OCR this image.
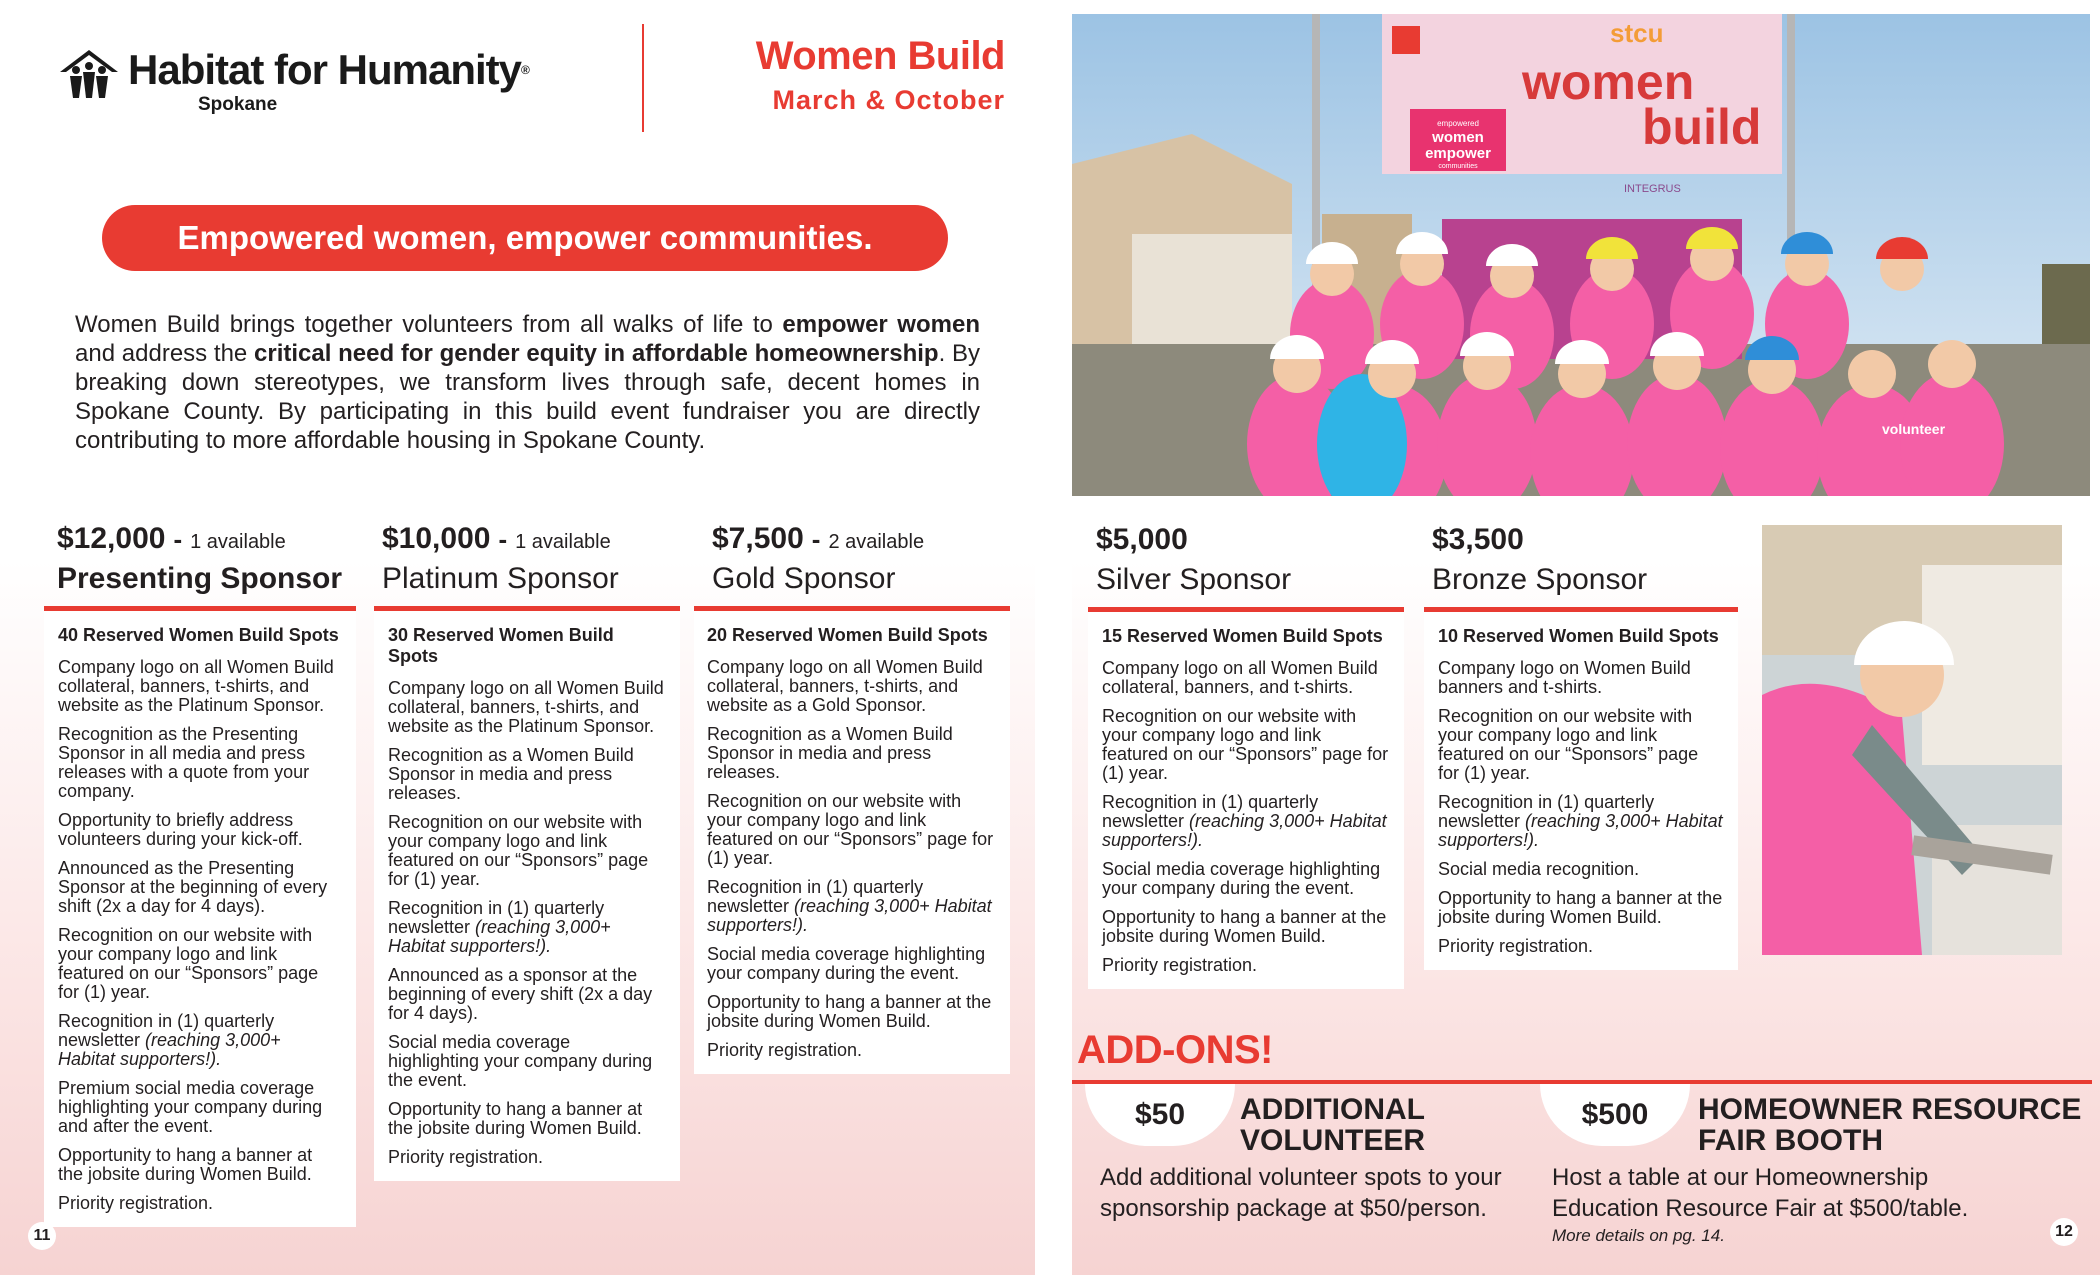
Habitat for Humanity®
Spokane
Women Build
March & October
Empowered women, empower communities.
Women Build brings together volunteers from all walks of life to empower women and address the critical need for gender equity in affordable homeownership. By breaking down stereotypes, we transform lives through safe, decent homes in Spokane County. By participating in this build event fundraiser you are directly contributing to more affordable housing in Spokane County.
$12,000 - 1 available
Presenting Sponsor
40 Reserved Women Build Spots

Company logo on all Women Build collateral, banners, t-shirts, and website as the Platinum Sponsor.

Recognition as the Presenting Sponsor in all media and press releases with a quote from your company.

Opportunity to briefly address volunteers during your kick-off.

Announced as the Presenting Sponsor at the beginning of every shift (2x a day for 4 days).

Recognition on our website with your company logo and link featured on our “Sponsors” page for (1) year.

Recognition in (1) quarterly newsletter (reaching 3,000+ Habitat supporters!).

Premium social media coverage highlighting your company during and after the event.

Opportunity to hang a banner at the jobsite during Women Build.

Priority registration.

$10,000 - 1 available
Platinum Sponsor
30 Reserved Women Build Spots

Company logo on all Women Build collateral, banners, t-shirts, and website as the Platinum Sponsor.

Recognition as a Women Build Sponsor in media and press releases.

Recognition on our website with your company logo and link featured on our “Sponsors” page for (1) year.

Recognition in (1) quarterly newsletter (reaching 3,000+ Habitat supporters!).

Announced as a sponsor at the beginning of every shift (2x a day for 4 days).

Social media coverage highlighting your company during the event.

Opportunity to hang a banner at the jobsite during Women Build.

Priority registration.

$7,500 - 2 available
Gold Sponsor
20 Reserved Women Build Spots

Company logo on all Women Build collateral, banners, t-shirts, and website as a Gold Sponsor.

Recognition as a Women Build Sponsor in media and press releases.

Recognition on our website with your company logo and link featured on our “Sponsors” page for (1) year.

Recognition in (1) quarterly newsletter (reaching 3,000+ Habitat supporters!).

Social media coverage highlighting your company during the event.

Opportunity to hang a banner at the jobsite during Women Build.

Priority registration.

11
stcu
women
build
empowered
women
empower
communities
INTEGRUS
volunteer
$5,000
Silver Sponsor
15 Reserved Women Build Spots

Company logo on all Women Build collateral, banners, and t-shirts.

Recognition on our website with your company logo and link featured on our “Sponsors” page for (1) year.

Recognition in (1) quarterly newsletter (reaching 3,000+ Habitat supporters!).

Social media coverage highlighting your company during the event.

Opportunity to hang a banner at the jobsite during Women Build.

Priority registration.

$3,500
Bronze Sponsor
10 Reserved Women Build Spots

Company logo on Women Build banners and t-shirts.

Recognition on our website with your company logo and link featured on our “Sponsors” page for (1) year.

Recognition in (1) quarterly newsletter (reaching 3,000+ Habitat supporters!).

Social media recognition.

Opportunity to hang a banner at the jobsite during Women Build.

Priority registration.

ADD-ONS!
$50	ADDITIONAL
VOLUNTEER
Add additional volunteer spots to your sponsorship package at $50/person.
$500	HOMEOWNER RESOURCE
FAIR BOOTH
Host a table at our Homeownership Education Resource Fair at $500/table.
More details on pg. 14.	12
